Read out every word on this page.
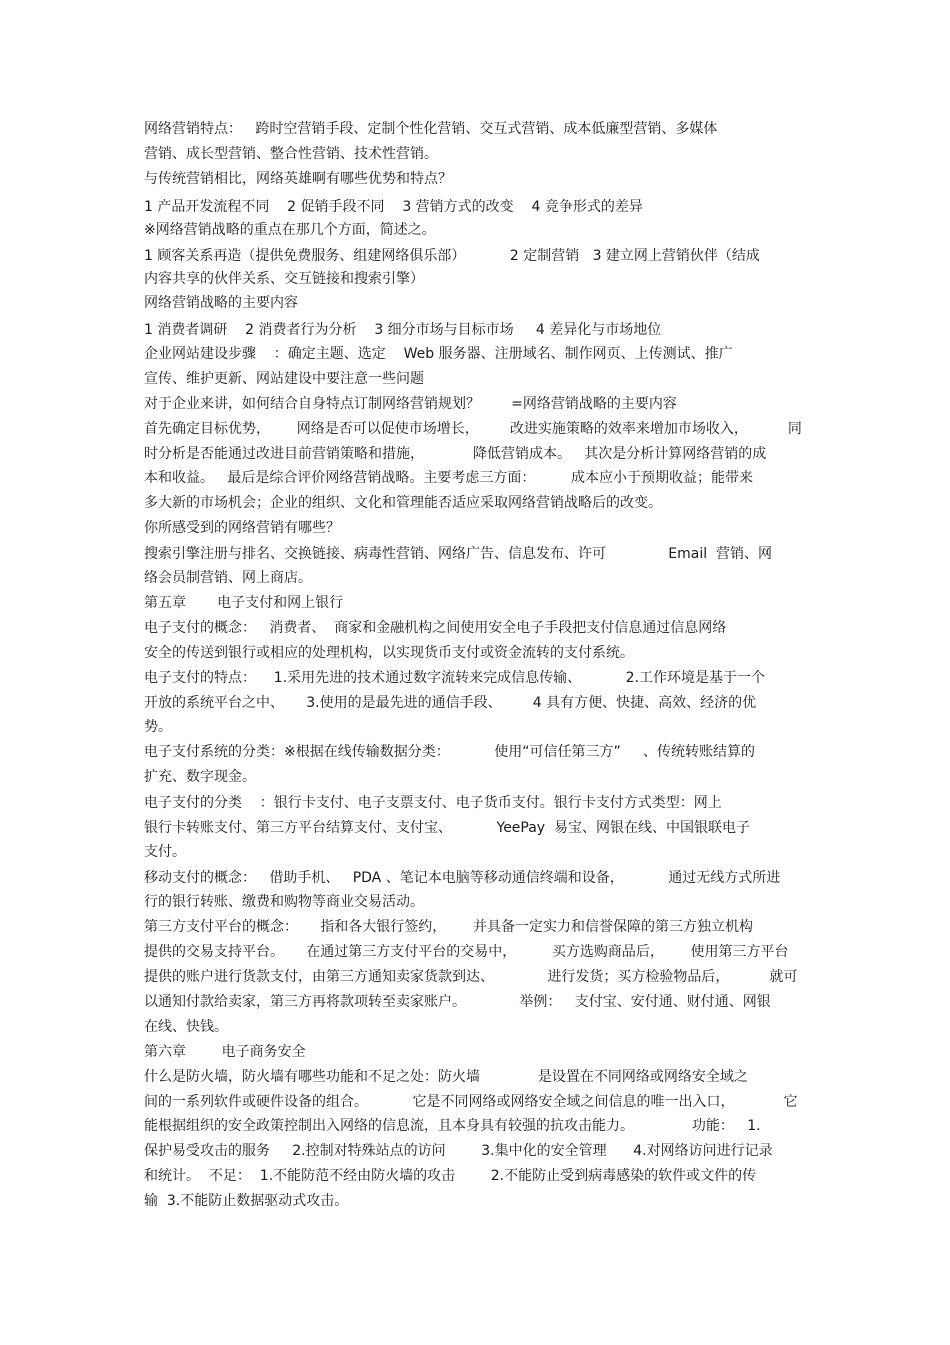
网络营销特点：   跨时空营销手段、定制个性化营销、交互式营销、成本低廉型营销、多媒体

营销、成长型营销、整合性营销、技术性营销。

与传统营销相比，网络英雄啊有哪些优势和特点？

1 产品开发流程不同    2 促销手段不同    3 营销方式的改变    4 竞争形式的差异

※网络营销战略的重点在那几个方面，简述之。

1 顾客关系再造（提供免费服务、组建网络俱乐部）          2 定制营销   3 建立网上营销伙伴（结成

内容共享的伙伴关系、交互链接和搜索引擎）

网络营销战略的主要内容

1 消费者调研    2 消费者行为分析    3 细分市场与目标市场     4 差异化与市场地位

企业网站建设步骤    ：确定主题、选定    Web 服务器、注册域名、制作网页、上传测试、推广

宣传、维护更新、网站建设中要注意一些问题

对于企业来讲，如何结合自身特点订制网络营销规划？       =网络营销战略的主要内容

首先确定目标优势，      网络是否可以促使市场增长，       改进实施策略的效率来增加市场收入，         同

时分析是否能通过改进目前营销策略和措施，           降低营销成本。   其次是分析计算网络营销的成

本和收益。   最后是综合评价网络营销战略。主要考虑三方面：        成本应小于预期收益；能带来

多大新的市场机会；企业的组织、文化和管理能否适应采取网络营销战略后的改变。

你所感受到的网络营销有哪些？

搜索引擎注册与排名、交换链接、病毒性营销、网络广告、信息发布、许可              Email  营销、网

络会员制营销、网上商店。

第五章       电子支付和网上银行

电子支付的概念：   消费者、  商家和金融机构之间使用安全电子手段把支付信息通过信息网络

安全的传送到银行或相应的处理机构，以实现货币支付或资金流转的支付系统。

电子支付的特点：    1.采用先进的技术通过数字流转来完成信息传输、          2.工作环境是基于一个

开放的系统平台之中、     3.使用的是最先进的通信手段、       4 具有方便、快捷、高效、经济的优

势。

电子支付系统的分类：※根据在线传输数据分类：          使用“可信任第三方”     、传统转账结算的

扩充、数字现金。

电子支付的分类    ：银行卡支付、电子支票支付、电子货币支付。银行卡支付方式类型：网上

银行卡转账支付、第三方平台结算支付、支付宝、          YeePay  易宝、网银在线、中国银联电子

支付。

移动支付的概念：   借助手机、   PDA 、笔记本电脑等移动通信终端和设备，          通过无线方式所进

行的银行转账、缴费和购物等商业交易活动。

第三方支付平台的概念：     指和各大银行签约，      并具备一定实力和信誉保障的第三方独立机构

提供的交易支持平台。     在通过第三方支付平台的交易中，        买方选购商品后，      使用第三方平台

提供的账户进行货款支付，由第三方通知卖家货款到达、            进行发货；买方检验物品后，         就可

以通知付款给卖家，第三方再将款项转至卖家账户。            举例：   支付宝、安付通、财付通、网银

在线、快钱。

第六章        电子商务安全

什么是防火墙，防火墙有哪些功能和不足之处：防火墙             是设置在不同网络或网络安全域之

间的一系列软件或硬件设备的组合。          它是不同网络或网络安全域之间信息的唯一出入口，           它

能根据组织的安全政策控制出入网络的信息流，且本身具有较强的抗攻击能力。             功能：   1.

保护易受攻击的服务     2.控制对特殊站点的访问        3.集中化的安全管理      4.对网络访问进行记录

和统计。  不足：  1.不能防范不经由防火墙的攻击        2.不能防止受到病毒感染的软件或文件的传

输  3.不能防止数据驱动式攻击。
